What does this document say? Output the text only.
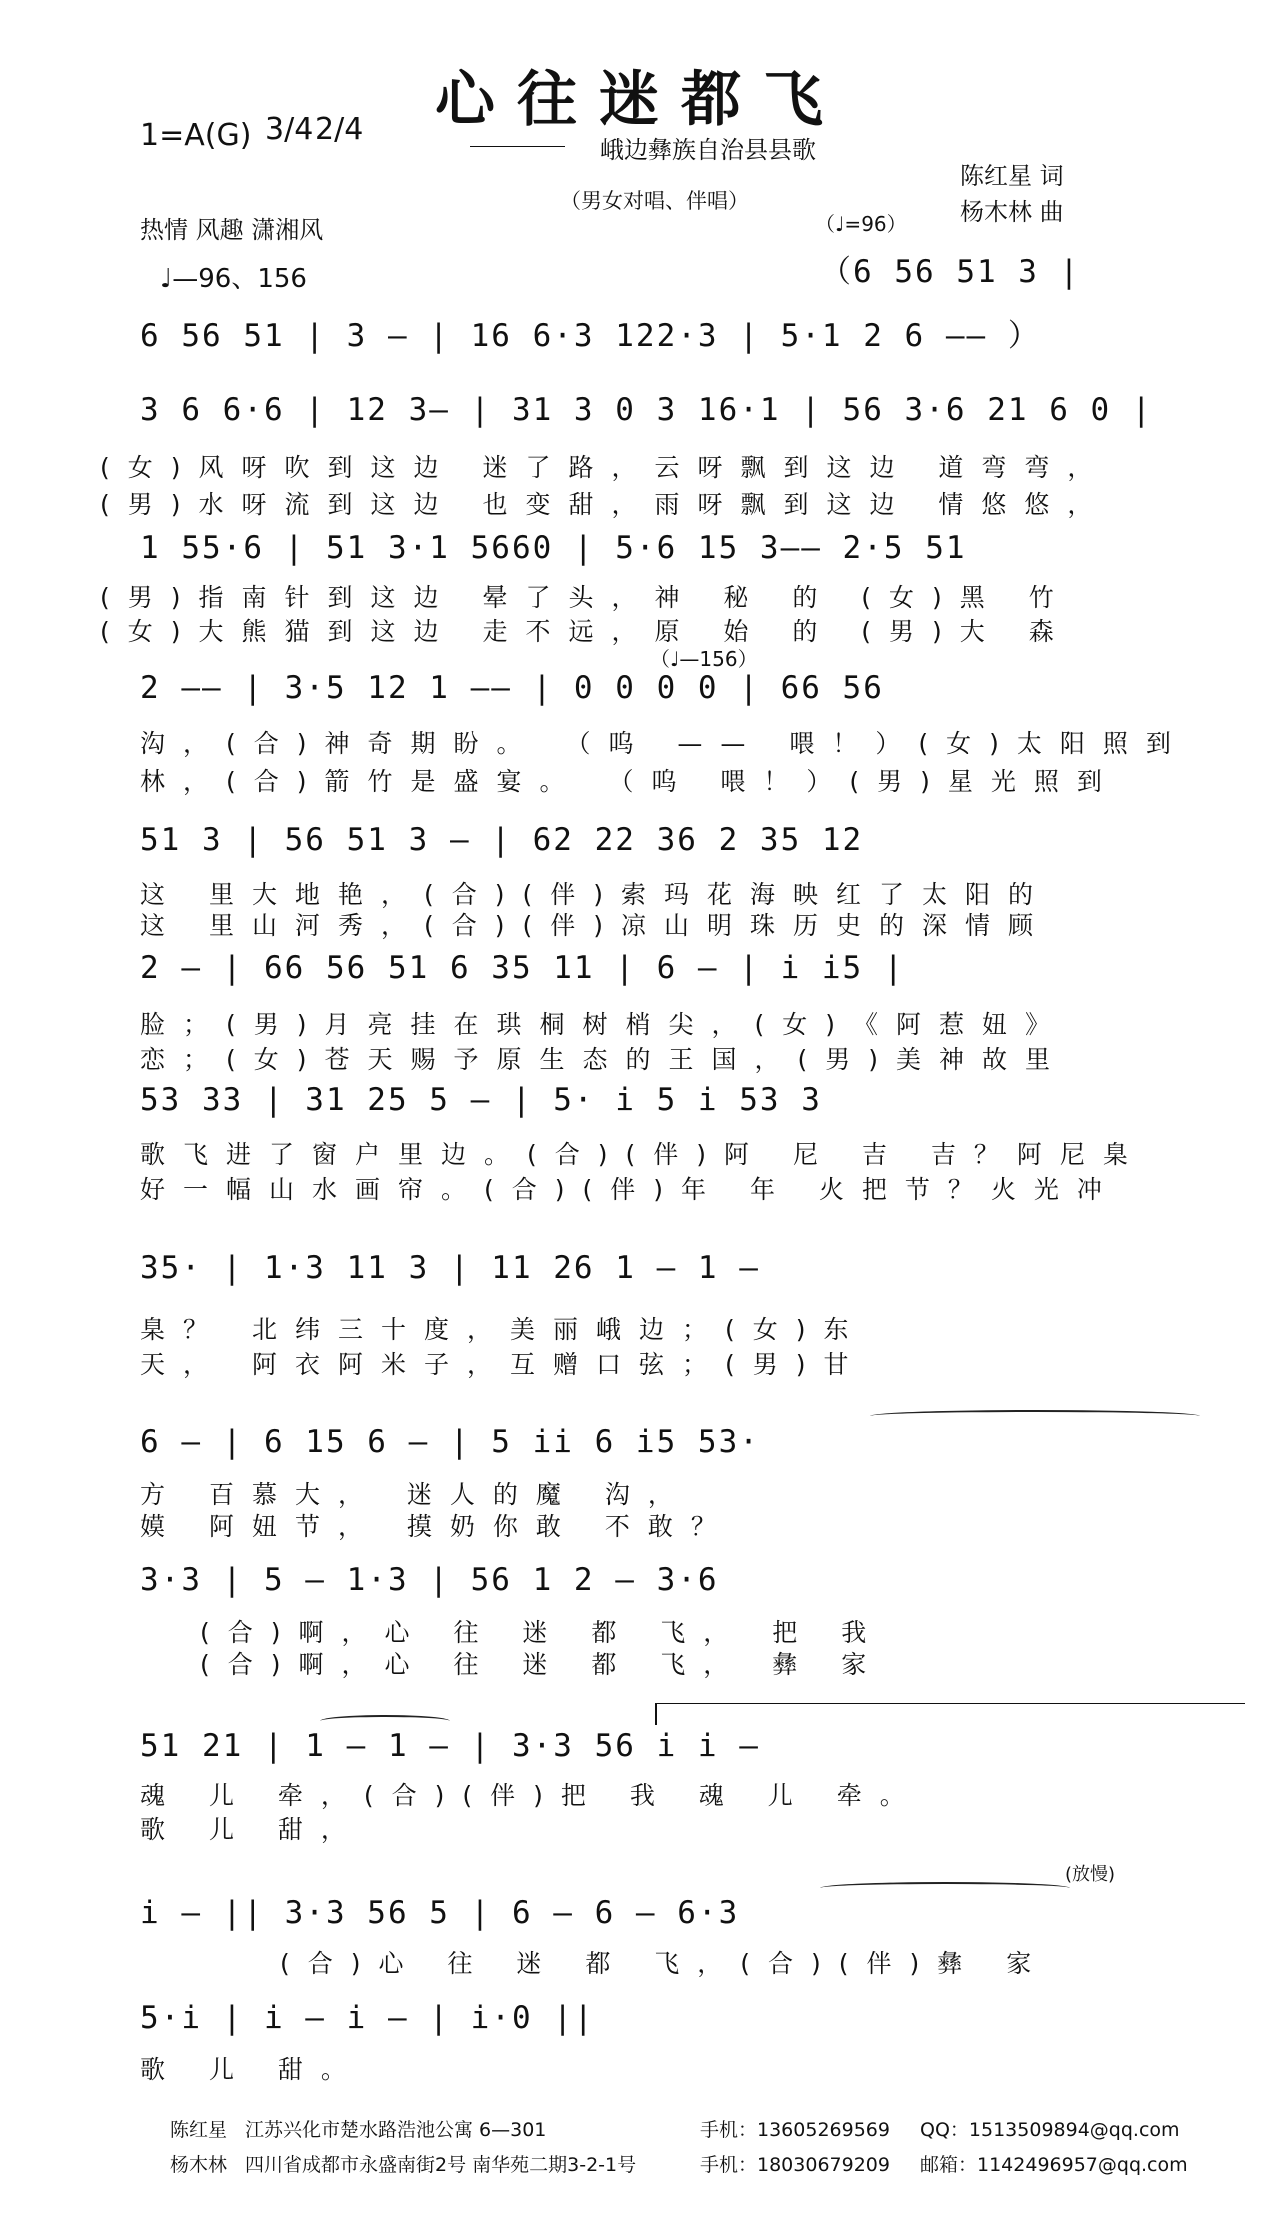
心往迷都飞
1=A(G) 3/4 2/4
峨边彝族自治县县歌
（男女对唱、伴唱）
陈红星 词
杨木林 曲
热情 风趣 潇湘风	（♩=96）
♩—96、156	（6 56 51 3 |
6 56 51 | 3 — | 16 6·3 122·3 | 5·1 2 6 —— ）
3 6 6·6 | 12 3— | 31 3 0 3 16·1 | 56 3·6 21 6 0 |
(女)风呀吹到这边 迷了路，云呀飘到这边 道弯弯，
(男)水呀流到这边 也变甜，雨呀飘到这边 情悠悠，
1 55·6 | 51 3·1 5660 | 5·6 15 3—— 2·5 51
(男)指南针到这边 晕了头，神 秘 的 (女)黑 竹
(女)大熊猫到这边 走不远，原 始 的 (男)大 森
（♩—156）
2 —— | 3·5 12 1 —— | 0 0 0 0 | 66 56
沟，(合)神奇期盼。 （呜 —— 喂！）(女)太阳照到
林，(合)箭竹是盛宴。 （呜 喂！）(男)星光照到
51 3 | 56 51 3 — | 62 22 36 2 35 12
这 里大地艳，(合)(伴)索玛花海映红了太阳的
这 里山河秀，(合)(伴)凉山明珠历史的深情顾
2 — | 66 56 51 6 35 11 | 6 — | i i5 |
脸；(男)月亮挂在珙桐树梢尖，(女)《阿惹妞》
恋；(女)苍天赐予原生态的王国，(男)美神故里
53 33 | 31 25 5 — | 5· i 5 i 53 3
歌飞进了窗户里边。(合)(伴)阿 尼 吉 吉？阿尼臬
好一幅山水画帘。(合)(伴)年 年 火把节？火光冲
35· | 1·3 11 3 | 11 26 1 — 1 —
臬？ 北纬三十度，美丽峨边；(女)东
天， 阿衣阿米子，互赠口弦；(男)甘
6 — | 6 15 6 — | 5 ii 6 i5 53·
方 百慕大， 迷人的魔 沟，
嫫 阿妞节， 摸奶你敢 不敢？
3·3 | 5 — 1·3 | 56 1 2 — 3·6
(合)啊，心 往 迷 都 飞， 把 我
(合)啊，心 往 迷 都 飞， 彝 家
51 21 | 1 — 1 — | 3·3 56 i i —
魂 儿 牵，(合)(伴)把 我 魂 儿 牵。
歌 儿 甜，
(放慢)
i — || 3·3 56 5 | 6 — 6 — 6·3
(合)心 往 迷 都 飞，(合)(伴)彝 家
5·i | i — i — | i·0 ||
歌 儿 甜。
陈红星 江苏兴化市楚水路浩池公寓 6—301	手机：13605269569 QQ：1513509894@qq.com
杨木林 四川省成都市永盛南街2号 南华苑二期3-2-1号	手机：18030679209 邮箱：1142496957@qq.com
